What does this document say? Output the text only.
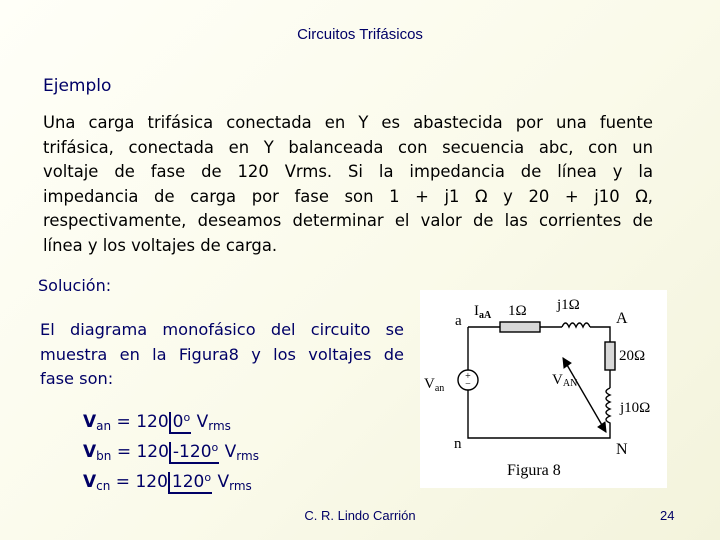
Circuitos Trifásicos
Ejemplo
Una carga trifásica conectada en Y es abastecida por una fuente
trifásica, conectada en Y balanceada con secuencia abc, con un
voltaje de fase de 120 Vrms. Si la impedancia de línea y la
impedancia de carga por fase son 1 + j1 Ω y 20 + j10 Ω,
respectivamente, deseamos determinar el valor de las corrientes de
línea y los voltajes de carga.
Solución:
El diagrama monofásico del circuito se
muestra en la Figura8 y los voltajes de
fase son:
$V_{an} = 120$ 0$^o$ Vrms
$V_{bn} = 120$ -120$^o$ Vrms
$V_{cn} = 120$ 120$^o$ Vrms
+
−
a
$I_{aA}$ 1Ω j1Ω
A
20Ω
$V_{an}$
VAN
j10Ω
n	N
Figura 8
C. R. Lindo Carrión	24
